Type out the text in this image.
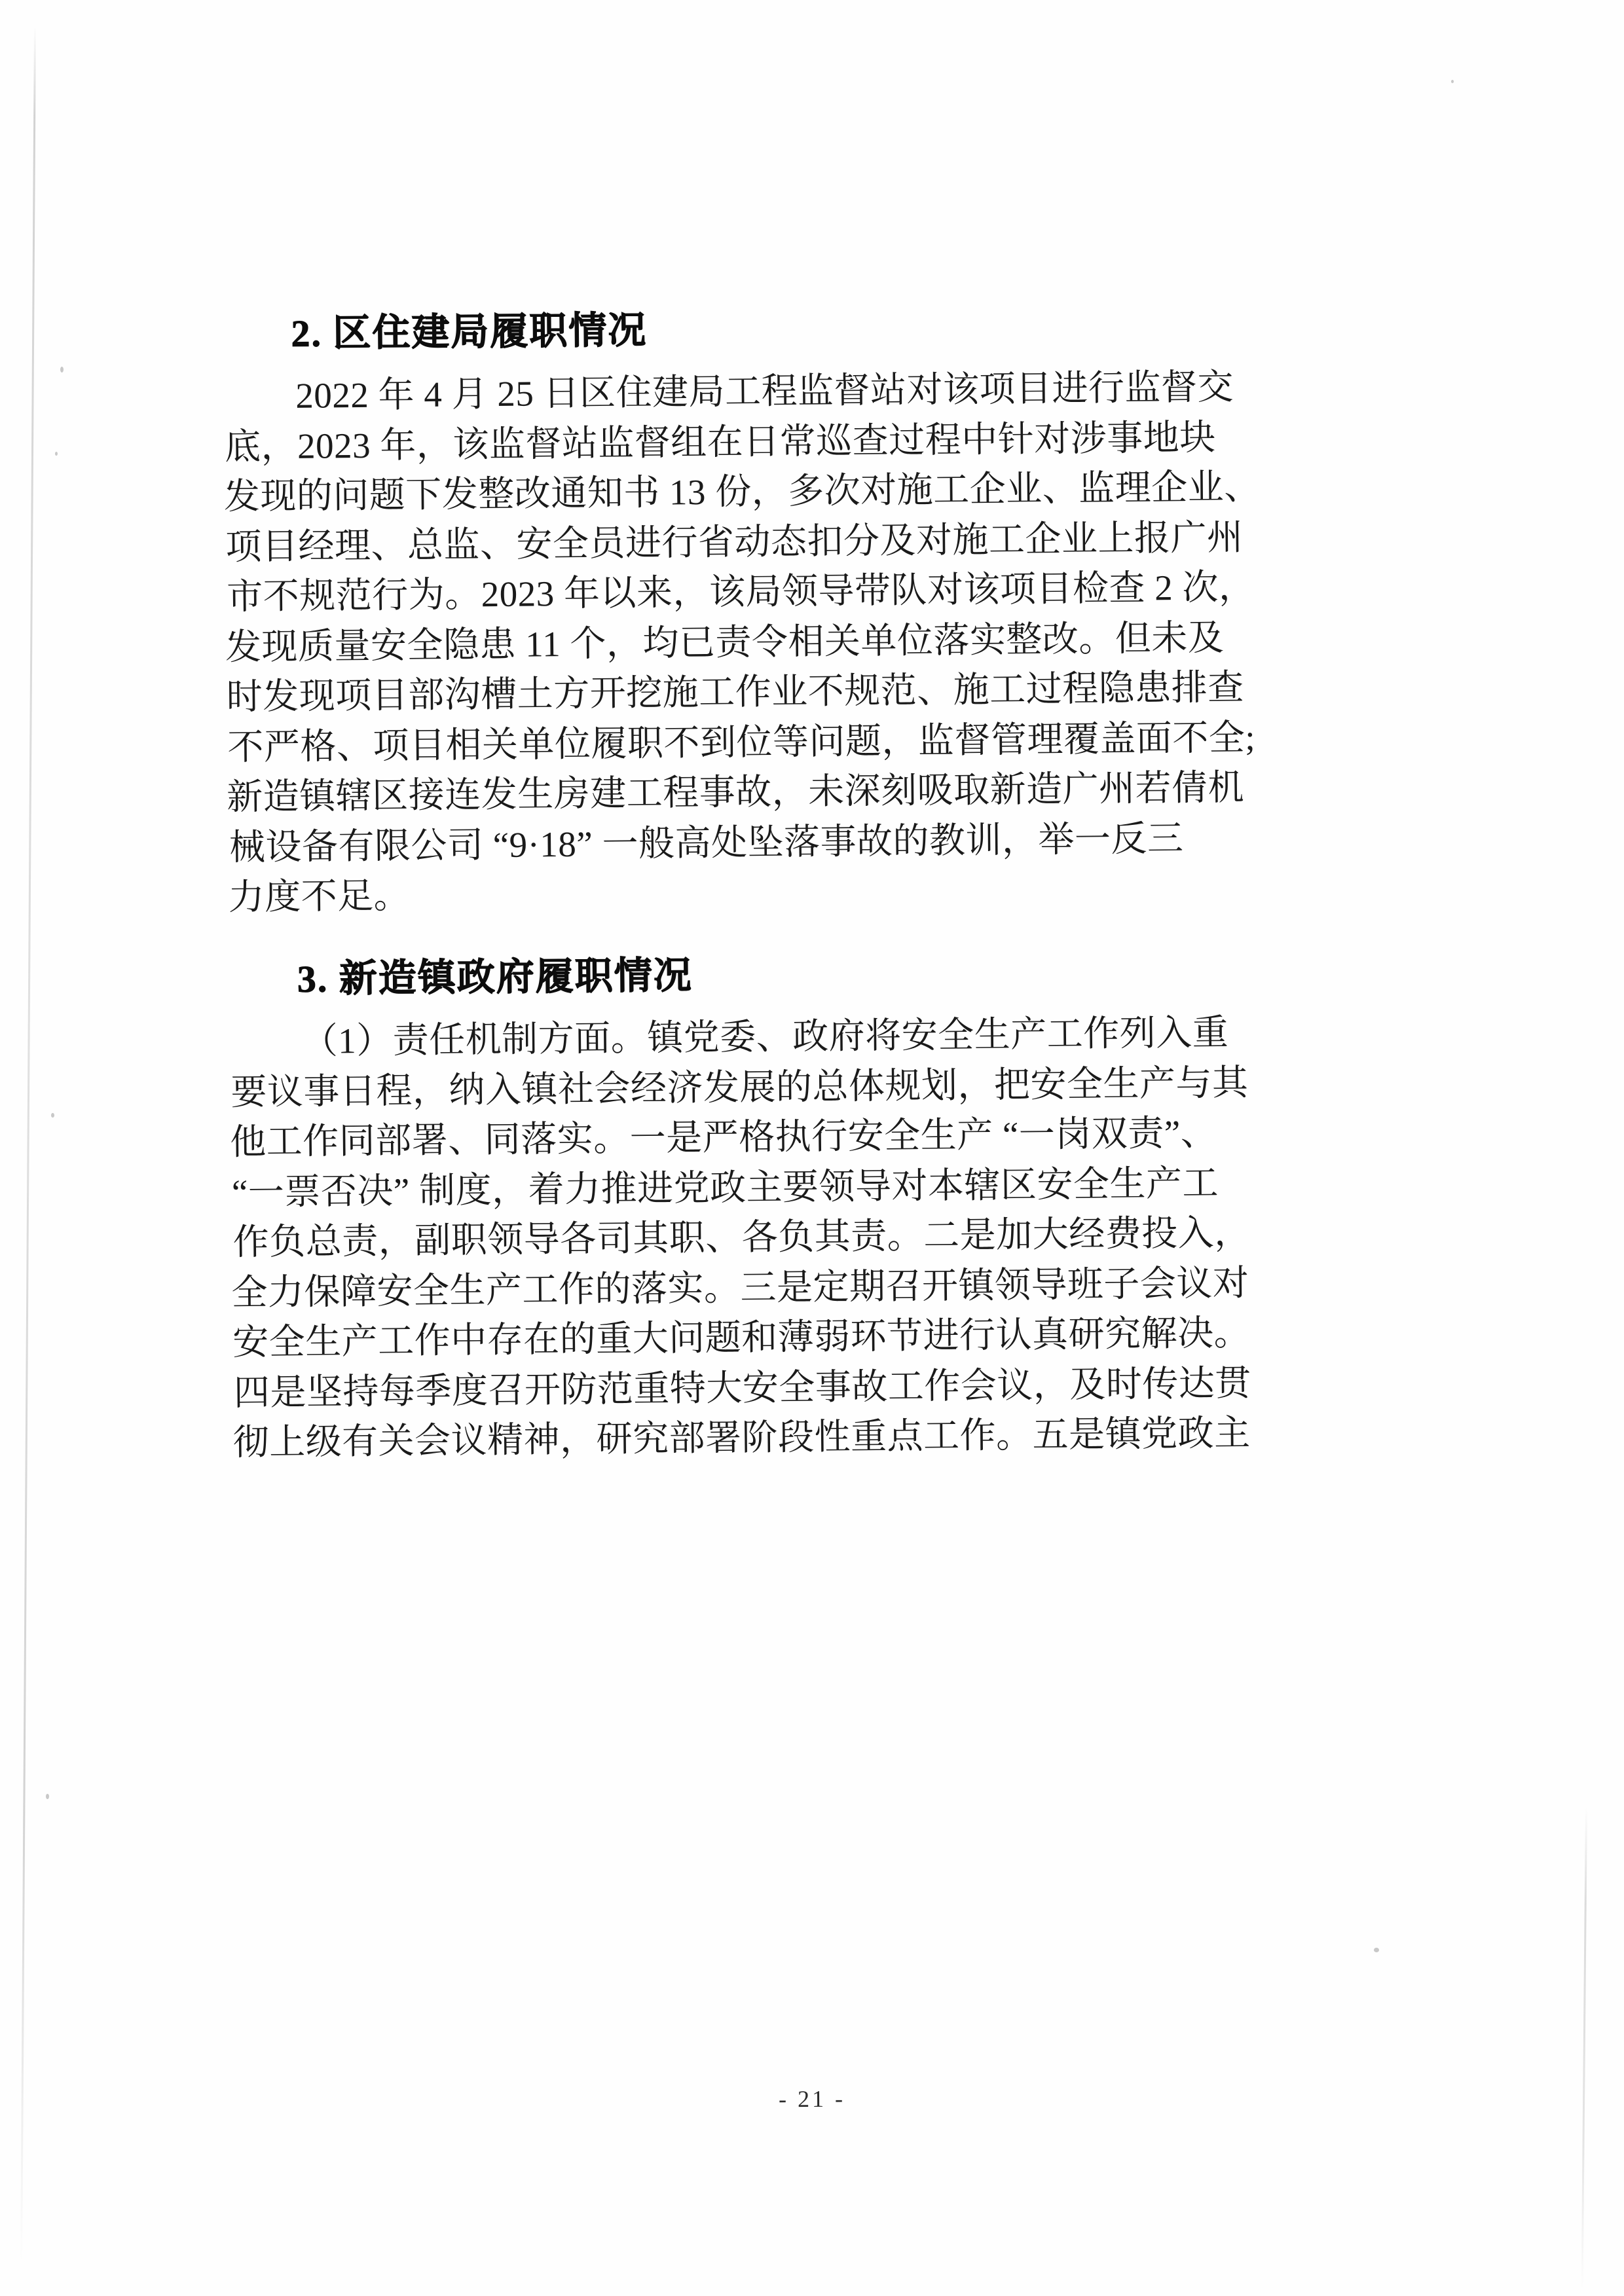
2. 区住建局履职情况
2022 年 4 月 25 日区住建局工程监督站对该项目进行监督交
底，2023 年，该监督站监督组在日常巡查过程中针对涉事地块
发现的问题下发整改通知书 13 份，多次对施工企业、监理企业、
项目经理、总监、安全员进行省动态扣分及对施工企业上报广州
市不规范行为。2023 年以来，该局领导带队对该项目检查 2 次，
发现质量安全隐患 11 个，均已责令相关单位落实整改。但未及
时发现项目部沟槽土方开挖施工作业不规范、施工过程隐患排查
不严格、项目相关单位履职不到位等问题，监督管理覆盖面不全;
新造镇辖区接连发生房建工程事故，未深刻吸取新造广州若倩机
械设备有限公司 “9·18” 一般高处坠落事故的教训，举一反三
力度不足。
3. 新造镇政府履职情况
（1）责任机制方面。镇党委、政府将安全生产工作列入重
要议事日程，纳入镇社会经济发展的总体规划，把安全生产与其
他工作同部署、同落实。一是严格执行安全生产 “一岗双责”、
“一票否决” 制度，着力推进党政主要领导对本辖区安全生产工
作负总责，副职领导各司其职、各负其责。二是加大经费投入，
全力保障安全生产工作的落实。三是定期召开镇领导班子会议对
安全生产工作中存在的重大问题和薄弱环节进行认真研究解决。
四是坚持每季度召开防范重特大安全事故工作会议，及时传达贯
彻上级有关会议精神，研究部署阶段性重点工作。五是镇党政主
- 21 -
